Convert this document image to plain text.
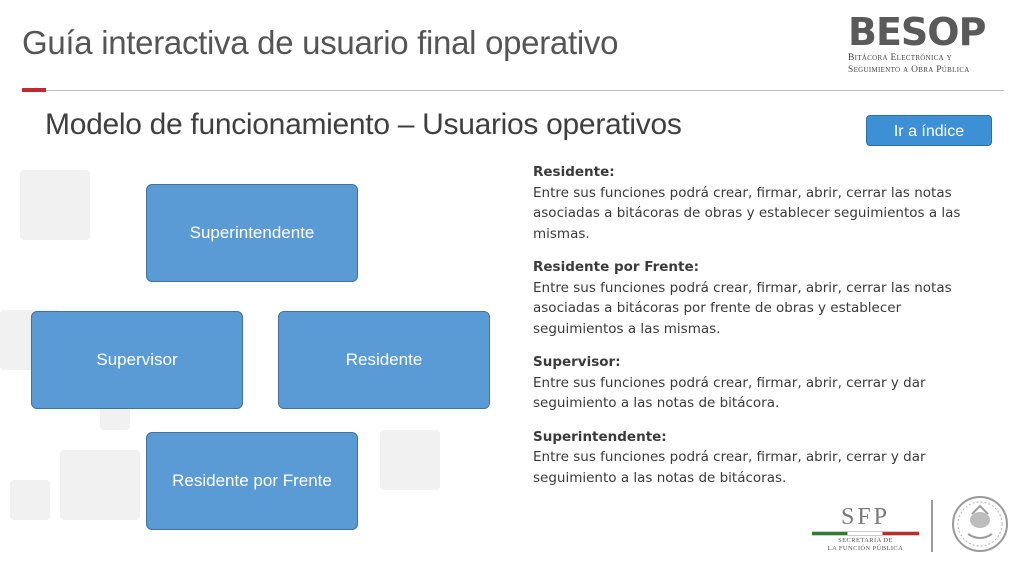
Guía interactiva de usuario final operativo	BESOP
Bitácora Electrónica y
Seguimiento a Obra Pública
Modelo de funcionamiento – Usuarios operativos	Ir a índice
Superintendente
Supervisor	Residente
Residente por Frente
Residente:
Entre sus funciones podrá crear, firmar, abrir, cerrar las notas asociadas a bitácoras de obras y establecer seguimientos a las mismas.
Residente por Frente:
Entre sus funciones podrá crear, firmar, abrir, cerrar las notas asociadas a bitácoras por frente de obras y establecer seguimientos a las mismas.
Supervisor:
Entre sus funciones podrá crear, firmar, abrir, cerrar y dar seguimiento a las notas de bitácora.
Superintendente:
Entre sus funciones podrá crear, firmar, abrir, cerrar y dar seguimiento a las notas de bitácoras.
SFP
SECRETARÍA DE
LA FUNCIÓN PÚBLICA
